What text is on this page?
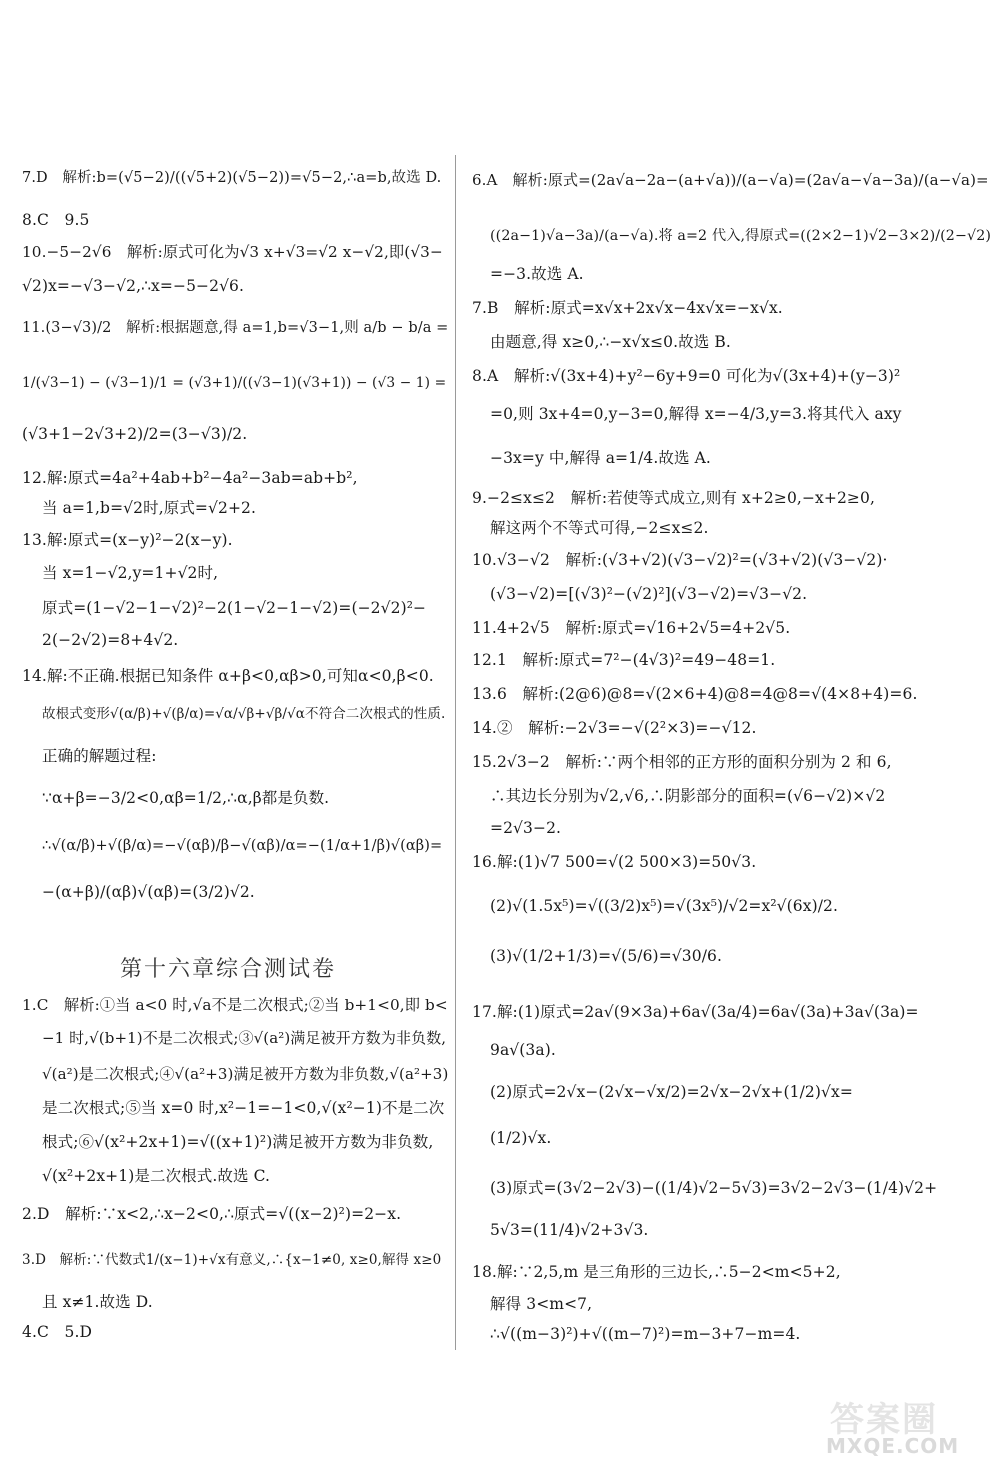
7.D　解析:b=(√5−2)/((√5+2)(√5−2))=√5−2,∴a=b,故选 D.
8.C　9.5
10.−5−2√6　解析:原式可化为√3 x+√3=√2 x−√2,即(√3−
√2)x=−√3−√2,∴x=−5−2√6.
11.(3−√3)/2　解析:根据题意,得 a=1,b=√3−1,则 a/b − b/a =
1/(√3−1) − (√3−1)/1 = (√3+1)/((√3−1)(√3+1)) − (√3 − 1) =
(√3+1−2√3+2)/2=(3−√3)/2.
12.解:原式=4a²+4ab+b²−4a²−3ab=ab+b²,
当 a=1,b=√2时,原式=√2+2.
13.解:原式=(x−y)²−2(x−y).
当 x=1−√2,y=1+√2时,
原式=(1−√2−1−√2)²−2(1−√2−1−√2)=(−2√2)²−
2(−2√2)=8+4√2.
14.解:不正确.根据已知条件 α+β<0,αβ>0,可知α<0,β<0.
故根式变形√(α/β)+√(β/α)=√α/√β+√β/√α不符合二次根式的性质.
正确的解题过程:
∵α+β=−3/2<0,αβ=1/2,∴α,β都是负数.
∴√(α/β)+√(β/α)=−√(αβ)/β−√(αβ)/α=−(1/α+1/β)√(αβ)=
−(α+β)/(αβ)√(αβ)=(3/2)√2.
第十六章综合测试卷
1.C　解析:①当 a<0 时,√a不是二次根式;②当 b+1<0,即 b<
−1 时,√(b+1)不是二次根式;③√(a²)满足被开方数为非负数,
√(a²)是二次根式;④√(a²+3)满足被开方数为非负数,√(a²+3)
是二次根式;⑤当 x=0 时,x²−1=−1<0,√(x²−1)不是二次
根式;⑥√(x²+2x+1)=√((x+1)²)满足被开方数为非负数,
√(x²+2x+1)是二次根式.故选 C.
2.D　解析:∵x<2,∴x−2<0,∴原式=√((x−2)²)=2−x.
3.D　解析:∵代数式1/(x−1)+√x有意义,∴{x−1≠0, x≥0,解得 x≥0
且 x≠1.故选 D.
4.C　5.D
6.A　解析:原式=(2a√a−2a−(a+√a))/(a−√a)=(2a√a−√a−3a)/(a−√a)=
((2a−1)√a−3a)/(a−√a).将 a=2 代入,得原式=((2×2−1)√2−3×2)/(2−√2)
=−3.故选 A.
7.B　解析:原式=x√x+2x√x−4x√x=−x√x.
由题意,得 x≥0,∴−x√x≤0.故选 B.
8.A　解析:√(3x+4)+y²−6y+9=0 可化为√(3x+4)+(y−3)²
=0,则 3x+4=0,y−3=0,解得 x=−4/3,y=3.将其代入 axy
−3x=y 中,解得 a=1/4.故选 A.
9.−2≤x≤2　解析:若使等式成立,则有 x+2≥0,−x+2≥0,
解这两个不等式可得,−2≤x≤2.
10.√3−√2　解析:(√3+√2)(√3−√2)²=(√3+√2)(√3−√2)·
(√3−√2)=[(√3)²−(√2)²](√3−√2)=√3−√2.
11.4+2√5　解析:原式=√16+2√5=4+2√5.
12.1　解析:原式=7²−(4√3)²=49−48=1.
13.6　解析:(2@6)@8=√(2×6+4)@8=4@8=√(4×8+4)=6.
14.②　解析:−2√3=−√(2²×3)=−√12.
15.2√3−2　解析:∵两个相邻的正方形的面积分别为 2 和 6,
∴其边长分别为√2,√6,∴阴影部分的面积=(√6−√2)×√2
=2√3−2.
16.解:(1)√7 500=√(2 500×3)=50√3.
(2)√(1.5x⁵)=√((3/2)x⁵)=√(3x⁵)/√2=x²√(6x)/2.
(3)√(1/2+1/3)=√(5/6)=√30/6.
17.解:(1)原式=2a√(9×3a)+6a√(3a/4)=6a√(3a)+3a√(3a)=
9a√(3a).
(2)原式=2√x−(2√x−√x/2)=2√x−2√x+(1/2)√x=
(1/2)√x.
(3)原式=(3√2−2√3)−((1/4)√2−5√3)=3√2−2√3−(1/4)√2+
5√3=(11/4)√2+3√3.
18.解:∵2,5,m 是三角形的三边长,∴5−2<m<5+2,
解得 3<m<7,
∴√((m−3)²)+√((m−7)²)=m−3+7−m=4.
答案圈
MXQE.COM
